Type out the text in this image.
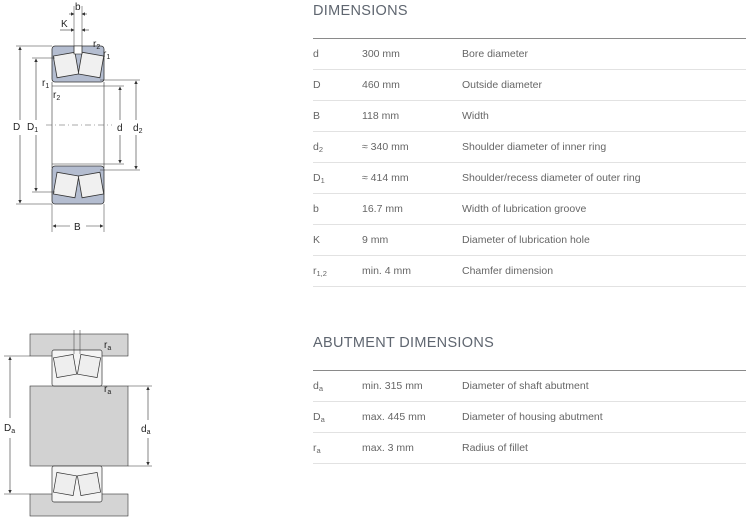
b
K
$r_2$
$r_1$
$r_1$
$r_2$
D $D_1$	d $d_2$
B
$r_a$
$r_a$
$D_a$	$d_a$
DIMENSIONS
d	300 mm	Bore diameter
D	460 mm	Outside diameter
B	118 mm	Width
$d_2$	≈ 340 mm	Shoulder diameter of inner ring
$D_1$	≈ 414 mm	Shoulder/recess diameter of outer ring
b	16.7 mm	Width of lubrication groove
K	9 mm	Diameter of lubrication hole
$r_{1,2}$	min. 4 mm	Chamfer dimension
ABUTMENT DIMENSIONS
$d_a$	min. 315 mm	Diameter of shaft abutment
$D_a$	max. 445 mm	Diameter of housing abutment
$r_a$	max. 3 mm	Radius of fillet
